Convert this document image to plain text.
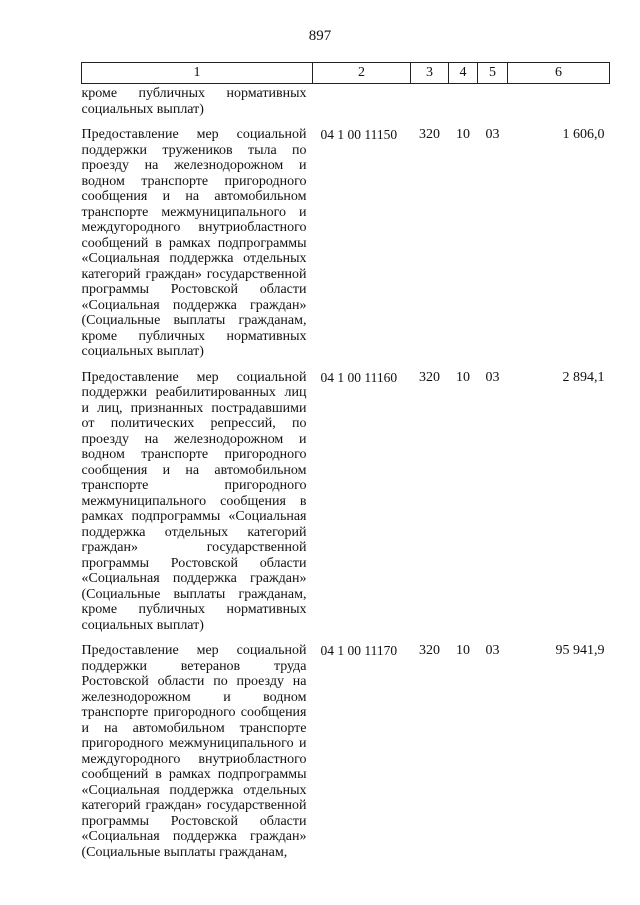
897
1	2	3	4	5	6
кроме публичных нормативных социальных выплат)					
Предоставление мер социальной поддержки тружеников тыла по проезду на железнодорожном и водном транспорте пригородного сообщения и на автомобильном транспорте межмуниципального и междугородного внутриобластного сообщений в рамках подпрограммы «Социальная поддержка отдельных категорий граждан» государственной программы Ростовской области «Социальная поддержка граждан» (Социальные выплаты гражданам, кроме публичных нормативных социальных выплат)	04 1 00 11150	320	10	03	1 606,0
Предоставление мер социальной поддержки реабилитированных лиц и лиц, признанных пострадавшими от политических репрессий, по проезду на железнодорожном и водном транспорте пригородного сообщения и на автомобильном транспорте пригородного межмуниципального сообщения в рамках подпрограммы «Социальная поддержка отдельных категорий граждан» государственной программы Ростовской области «Социальная поддержка граждан» (Социальные выплаты гражданам, кроме публичных нормативных социальных выплат)	04 1 00 11160	320	10	03	2 894,1
Предоставление мер социальной поддержки ветеранов труда Ростовской области по проезду на железнодорожном и водном транспорте пригородного сообщения и на автомобильном транспорте пригородного межмуниципального и междугородного внутриобластного сообщений в рамках подпрограммы «Социальная поддержка отдельных категорий граждан» государственной программы Ростовской области «Социальная поддержка граждан» (Социальные выплаты гражданам,	04 1 00 11170	320	10	03	95 941,9
